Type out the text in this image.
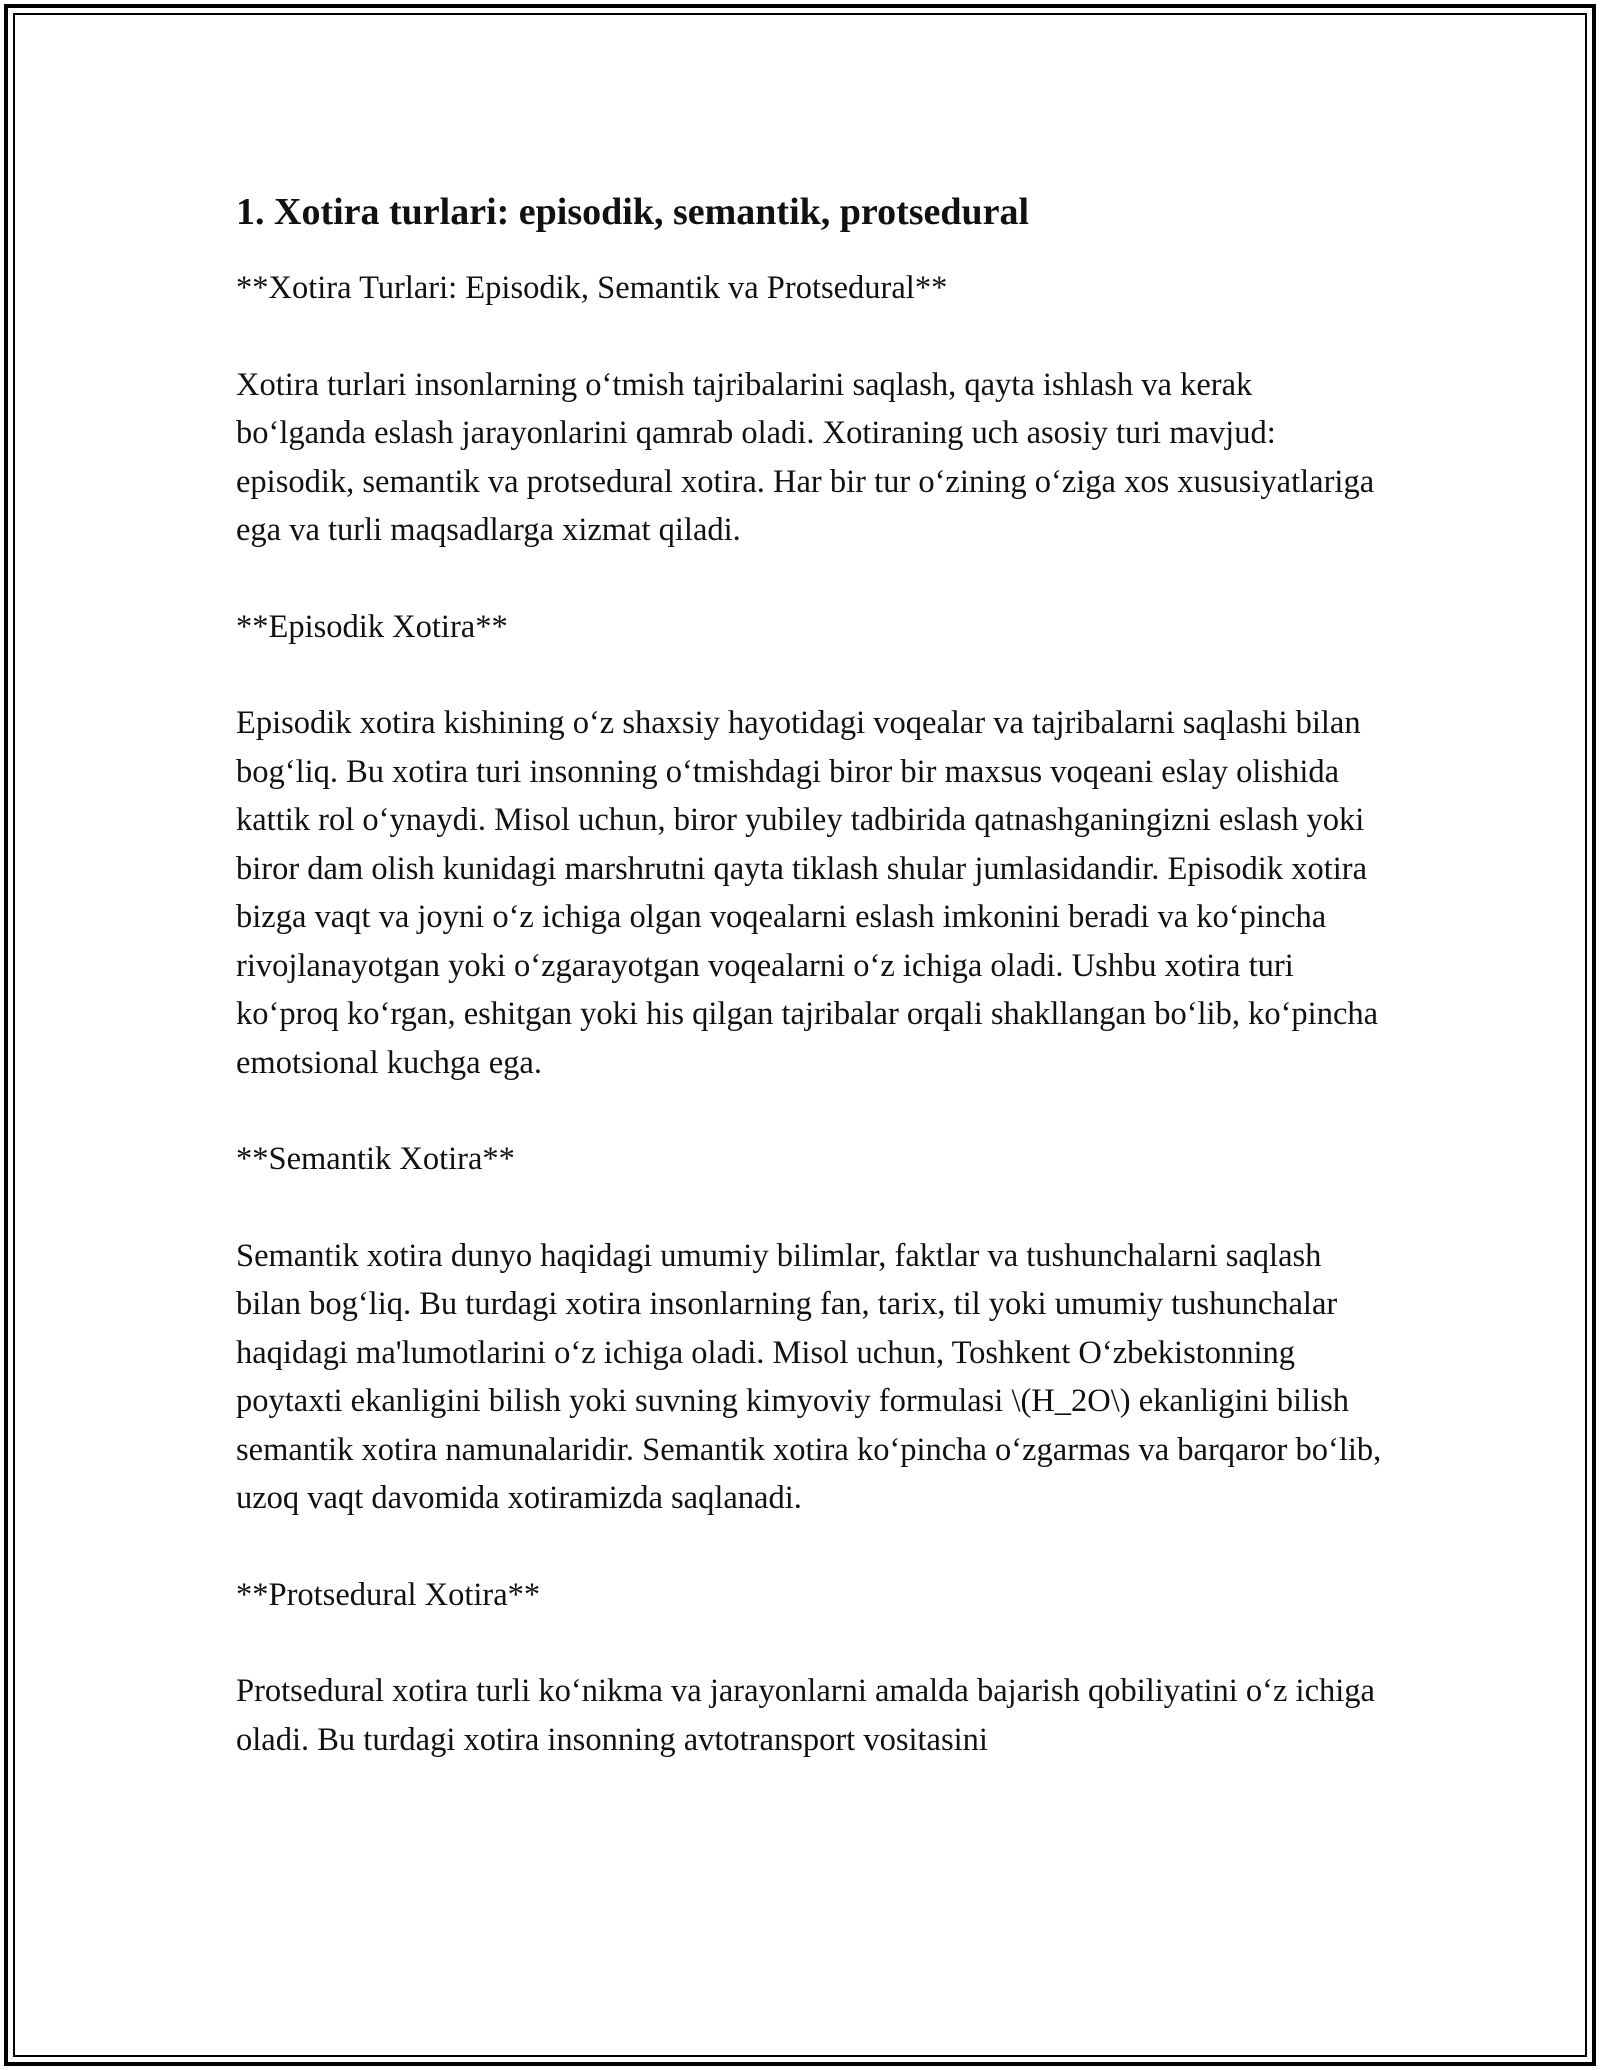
1. Xotira turlari: episodik, semantik, protsedural

**Xotira Turlari: Episodik, Semantik va Protsedural**

Xotira turlari insonlarning o‘tmish tajribalarini saqlash, qayta ishlash va kerak bo‘lganda eslash jarayonlarini qamrab oladi. Xotiraning uch asosiy turi mavjud: episodik, semantik va protsedural xotira. Har bir tur o‘zining o‘ziga xos xususiyatlariga ega va turli maqsadlarga xizmat qiladi.

**Episodik Xotira**

Episodik xotira kishining o‘z shaxsiy hayotidagi voqealar va tajribalarni saqlashi bilan bog‘liq. Bu xotira turi insonning o‘tmishdagi biror bir maxsus voqeani eslay olishida kattik rol o‘ynaydi. Misol uchun, biror yubiley tadbirida qatnashganingizni eslash yoki biror dam olish kunidagi marshrutni qayta tiklash shular jumlasidandir. Episodik xotira bizga vaqt va joyni o‘z ichiga olgan voqealarni eslash imkonini beradi va ko‘pincha rivojlanayotgan yoki o‘zgarayotgan voqealarni o‘z ichiga oladi. Ushbu xotira turi ko‘proq ko‘rgan, eshitgan yoki his qilgan tajribalar orqali shakllangan bo‘lib, ko‘pincha emotsional kuchga ega.

**Semantik Xotira**

Semantik xotira dunyo haqidagi umumiy bilimlar, faktlar va tushunchalarni saqlash bilan bog‘liq. Bu turdagi xotira insonlarning fan, tarix, til yoki umumiy tushunchalar haqidagi ma'lumotlarini o‘z ichiga oladi. Misol uchun, Toshkent O‘zbekistonning poytaxti ekanligini bilish yoki suvning kimyoviy formulasi \(H_2O\) ekanligini bilish semantik xotira namunalaridir. Semantik xotira ko‘pincha o‘zgarmas va barqaror bo‘lib, uzoq vaqt davomida xotiramizda saqlanadi.

**Protsedural Xotira**

Protsedural xotira turli ko‘nikma va jarayonlarni amalda bajarish qobiliyatini o‘z ichiga oladi. Bu turdagi xotira insonning avtotransport vositasini
